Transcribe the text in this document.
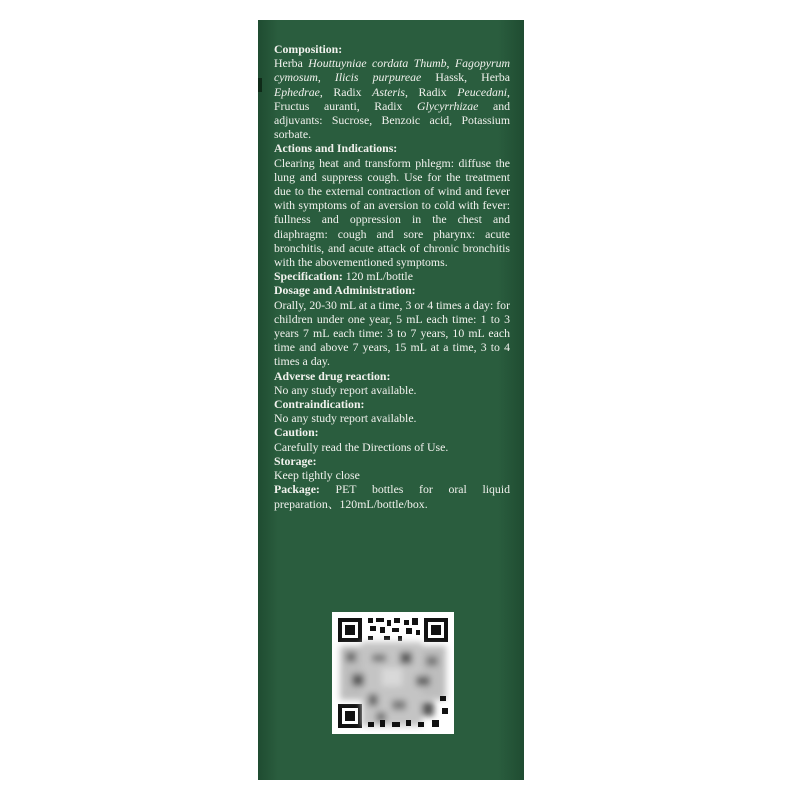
Composition:

Herba Houttuyniae cordata Thumb, Fagopyrum cymosum, Ilicis purpureae Hassk, Herba Ephedrae, Radix Asteris, Radix Peucedani, Fructus auranti, Radix Glycyrrhizae and adjuvants: Sucrose, Benzoic acid, Potassium sorbate.

Actions and Indications:

Clearing heat and transform phlegm: diffuse the lung and suppress cough. Use for the treatment due to the external contraction of wind and fever with symptoms of an aversion to cold with fever: fullness and oppression in the chest and diaphragm: cough and sore pharynx: acute bronchitis, and acute attack of chronic bronchitis with the abovementioned symptoms.

Specification: 120 mL/bottle

Dosage and Administration:

Orally, 20-30 mL at a time, 3 or 4 times a day: for children under one year, 5 mL each time: 1 to 3 years 7 mL each time: 3 to 7 years, 10 mL each time and above 7 years, 15 mL at a time, 3 to 4 times a day.

Adverse drug reaction:

No any study report available.

Contraindication:

No any study report available.

Caution:

Carefully read the Directions of Use.

Storage:

Keep tightly close

Package: PET bottles for oral liquid preparation、120mL/bottle/box.
